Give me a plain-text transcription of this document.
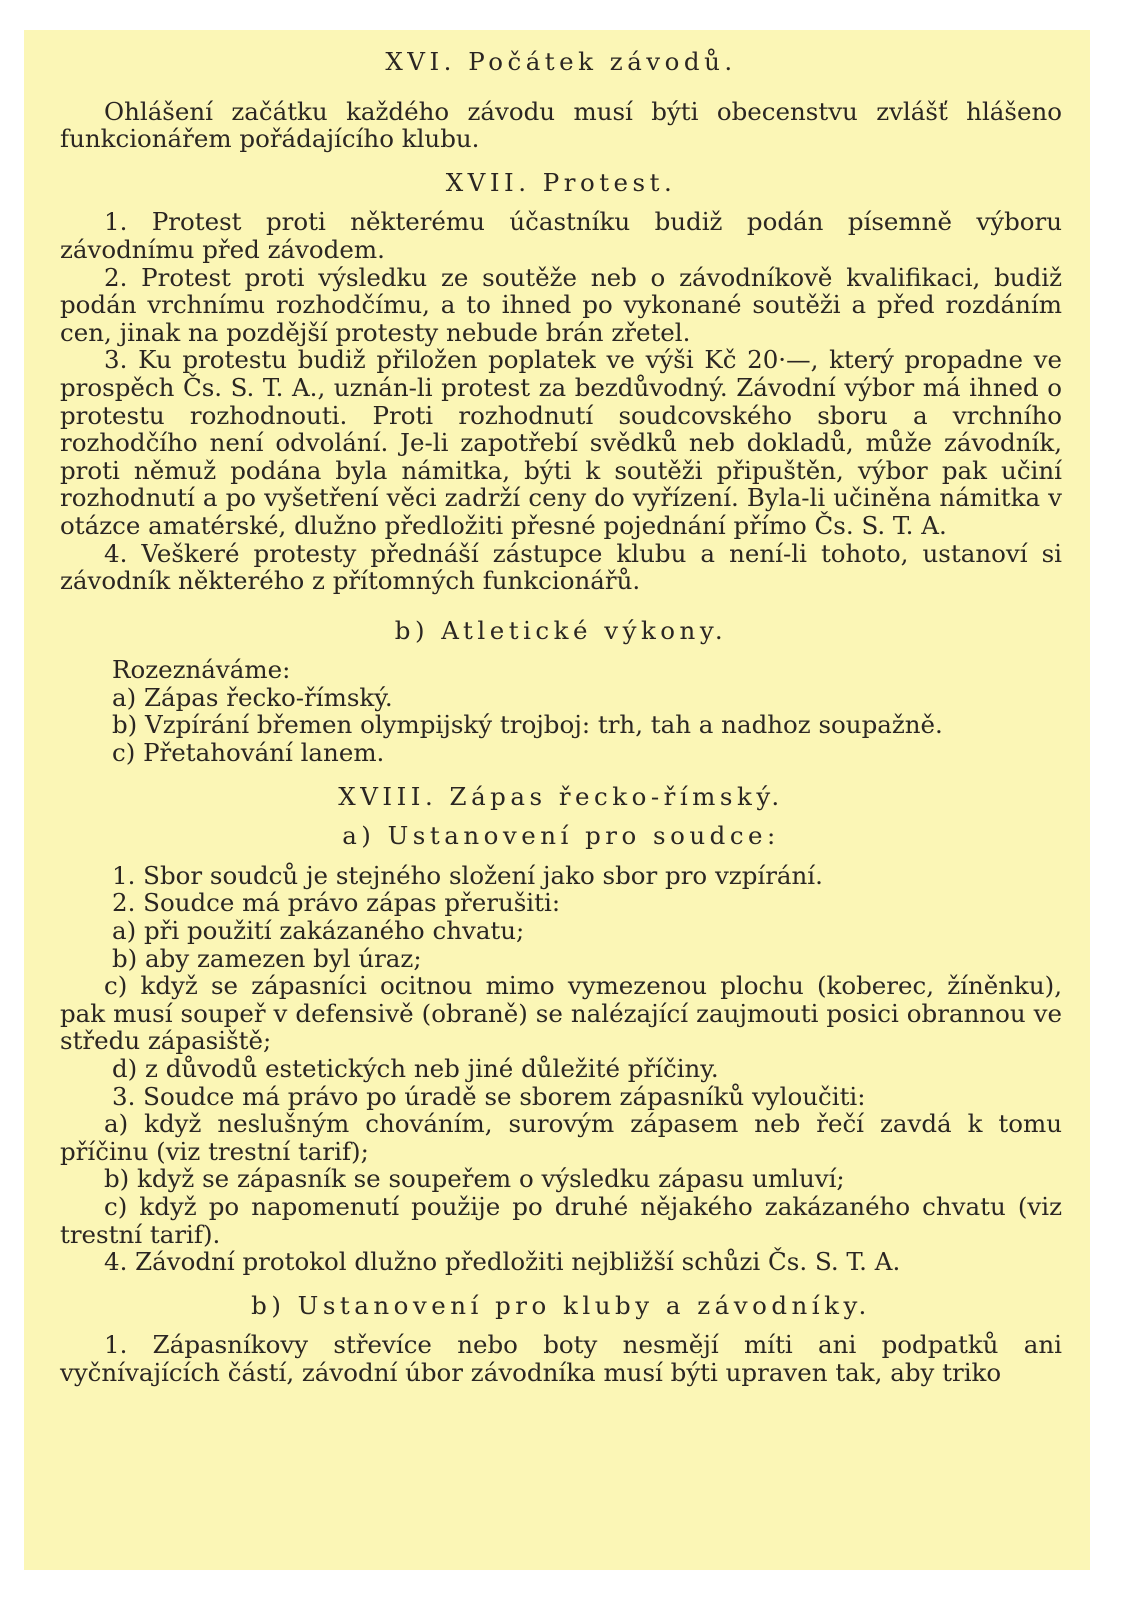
XVI. Počátek závodů.

Ohlášení začátku každého závodu musí býti obecenstvu zvlášť hlášeno funkcionářem pořádajícího klubu.

XVII. Protest.

1. Protest proti některému účastníku budiž podán písemně výboru závodnímu před závodem.

2. Protest proti výsledku ze soutěže neb o závodníkově kvalifikaci, budiž podán vrchnímu rozhodčímu, a to ihned po vykonané soutěži a před rozdáním cen, jinak na pozdější protesty nebude brán zřetel.

3. Ku protestu budiž přiložen poplatek ve výši Kč 20·—, který propadne ve prospěch Čs. S. T. A., uznán-li protest za bezdůvodný. Závodní výbor má ihned o protestu rozhodnouti. Proti rozhodnutí soudcovského sboru a vrchního rozhodčího není odvolání. Je-li zapotřebí svědků neb dokladů, může závodník, proti němuž podána byla námitka, býti k soutěži připuštěn, výbor pak učiní rozhodnutí a po vyšetření věci zadrží ceny do vyřízení. Byla-li učiněna námitka v otázce amatérské, dlužno předložiti přesné pojednání přímo Čs. S. T. A.

4. Veškeré protesty přednáší zástupce klubu a není-li tohoto, ustanoví si závodník některého z přítomných funkcionářů.

b) Atletické výkony.

Rozeznáváme:

a) Zápas řecko-římský.

b) Vzpírání břemen olympijský trojboj: trh, tah a nadhoz soupažně.

c) Přetahování lanem.

XVIII. Zápas řecko-římský.
a) Ustanovení pro soudce:

1. Sbor soudců je stejného složení jako sbor pro vzpírání.

2. Soudce má právo zápas přerušiti:

a) při použití zakázaného chvatu;

b) aby zamezen byl úraz;

c) když se zápasníci ocitnou mimo vymezenou plochu (koberec, žíněnku), pak musí soupeř v defensivě (obraně) se nalézající zaujmouti posici obrannou ve středu zápasiště;

d) z důvodů estetických neb jiné důležité příčiny.

3. Soudce má právo po úradě se sborem zápasníků vyloučiti:

a) když neslušným chováním, surovým zápasem neb řečí zavdá k tomu příčinu (viz trestní tarif);

b) když se zápasník se soupeřem o výsledku zápasu umluví;

c) když po napomenutí použije po druhé nějakého zakázaného chvatu (viz trestní tarif).

4. Závodní protokol dlužno předložiti nejbližší schůzi Čs. S. T. A.

b) Ustanovení pro kluby a závodníky.

1. Zápasníkovy střevíce nebo boty nesmějí míti ani podpatků ani vyčnívajících částí, závodní úbor závodníka musí býti upraven tak, aby triko
